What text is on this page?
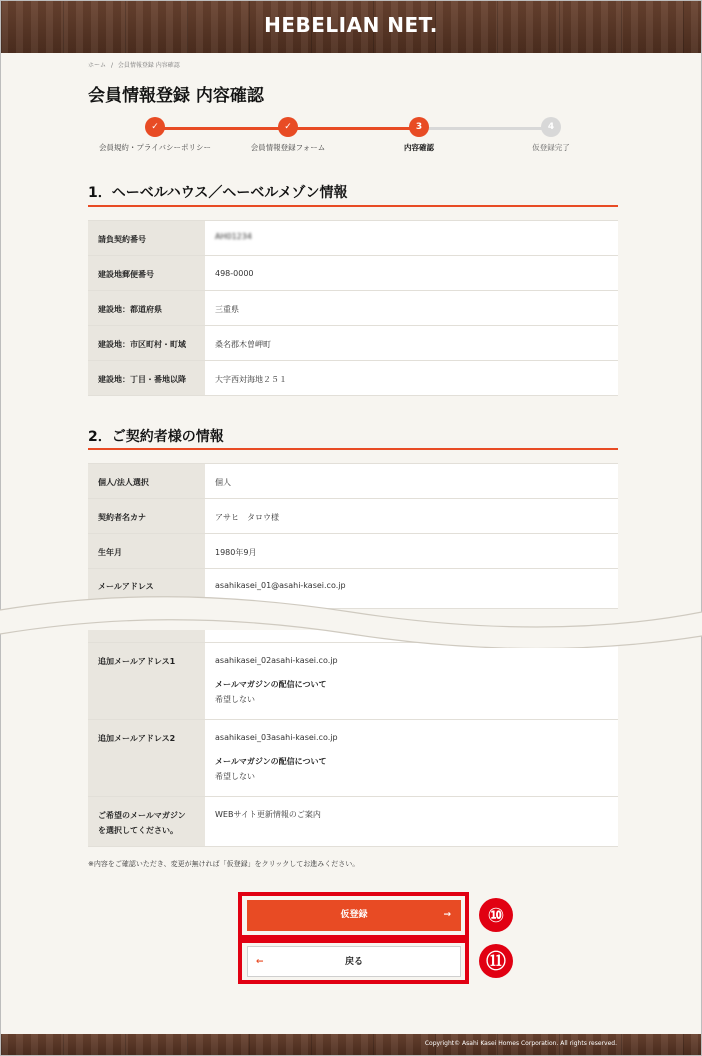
HEBELIAN NET.
ホーム / 会員情報登録 内容確認
会員情報登録 内容確認
✓
会員規約・プライバシーポリシー
✓
会員情報登録フォーム
3
内容確認
4
仮登録完了
1．ヘーベルハウス／ヘーベルメゾン情報
請負契約番号	AH01234
建設地郵便番号	498-0000
建設地：都道府県	三重県
建設地：市区町村・町域	桑名郡木曽岬町
建設地：丁目・番地以降	大字西対海地２５１
2．ご契約者様の情報
個人/法人選択	個人
契約者名カナ	アサヒ　タロウ様
生年月	1980年9月
メールアドレス	asahikasei_01@asahi-kasei.co.jp

追加メールアドレス1	asahikasei_02asahi-kasei.co.jp
メールマガジンの配信について
希望しない

追加メールアドレス2	asahikasei_03asahi-kasei.co.jp
メールマガジンの配信について
希望しない

ご希望のメールマガジン
を選択してください。	WEBサイト更新情報のご案内
※内容をご確認いただき、変更が無ければ「仮登録」をクリックしてお進みください。
仮登録	→
←	戻る
⑩
⑪
Copyright© Asahi Kasei Homes Corporation. All rights reserved.
